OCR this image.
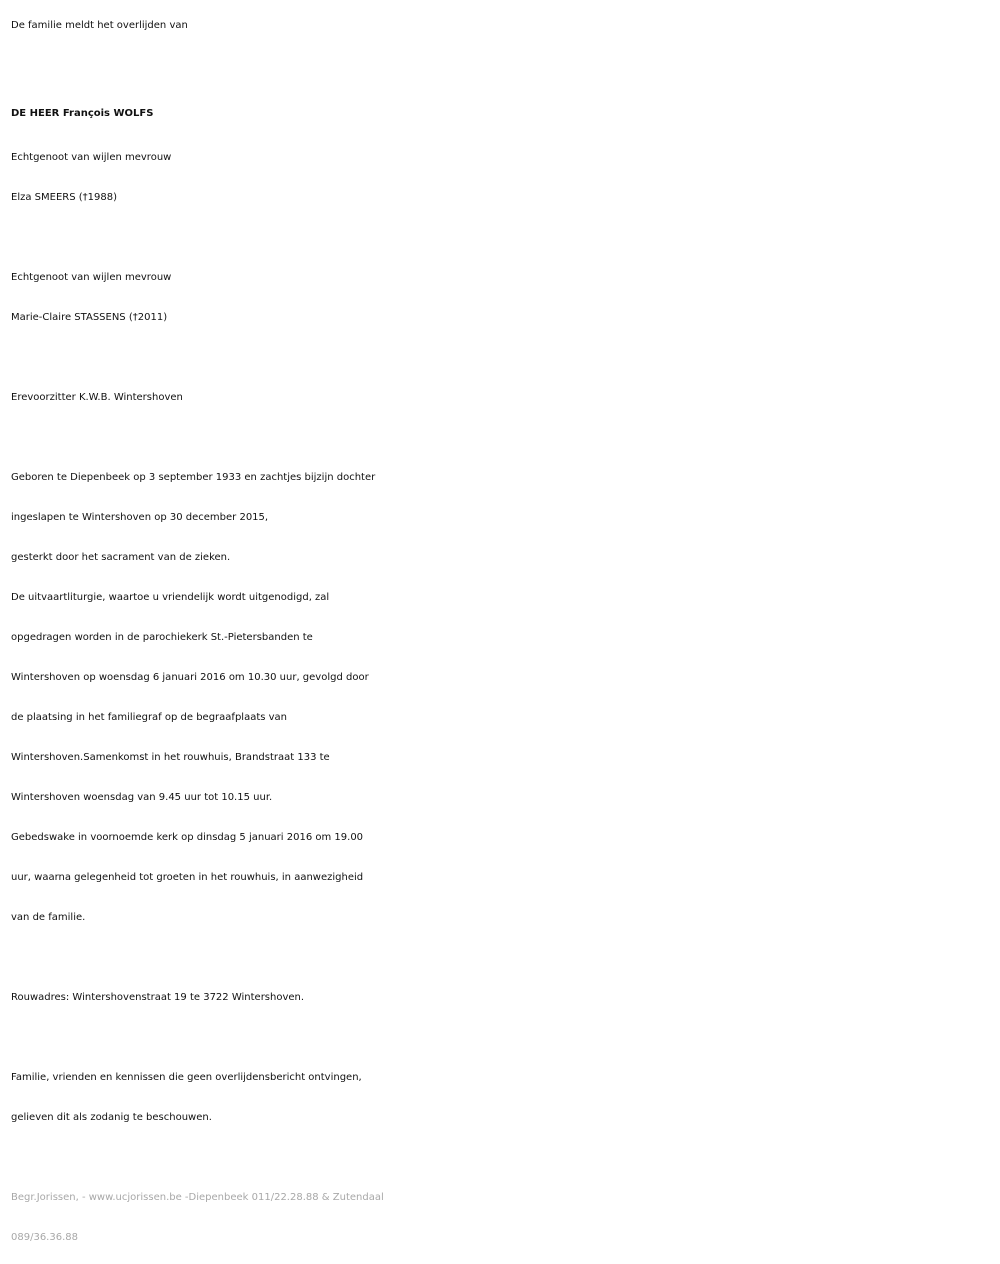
De familie meldt het overlijden van
DE HEER François WOLFS
Echtgenoot van wijlen mevrouw
Elza SMEERS (†1988)
Echtgenoot van wijlen mevrouw
Marie-Claire STASSENS (†2011)
Erevoorzitter K.W.B. Wintershoven
Geboren te Diepenbeek op 3 september 1933 en zachtjes bijzijn dochter
ingeslapen te Wintershoven op 30 december 2015,
gesterkt door het sacrament van de zieken.
De uitvaartliturgie, waartoe u vriendelijk wordt uitgenodigd, zal
opgedragen worden in de parochiekerk St.-Pietersbanden te
Wintershoven op woensdag 6 januari 2016 om 10.30 uur, gevolgd door
de plaatsing in het familiegraf op de begraafplaats van
Wintershoven.Samenkomst in het rouwhuis, Brandstraat 133 te
Wintershoven woensdag van 9.45 uur tot 10.15 uur.
Gebedswake in voornoemde kerk op dinsdag 5 januari 2016 om 19.00
uur, waarna gelegenheid tot groeten in het rouwhuis, in aanwezigheid
van de familie.
Rouwadres: Wintershovenstraat 19 te 3722 Wintershoven.
Familie, vrienden en kennissen die geen overlijdensbericht ontvingen,
gelieven dit als zodanig te beschouwen.
Begr.Jorissen, - www.ucjorissen.be -Diepenbeek 011/22.28.88 & Zutendaal
089/36.36.88
